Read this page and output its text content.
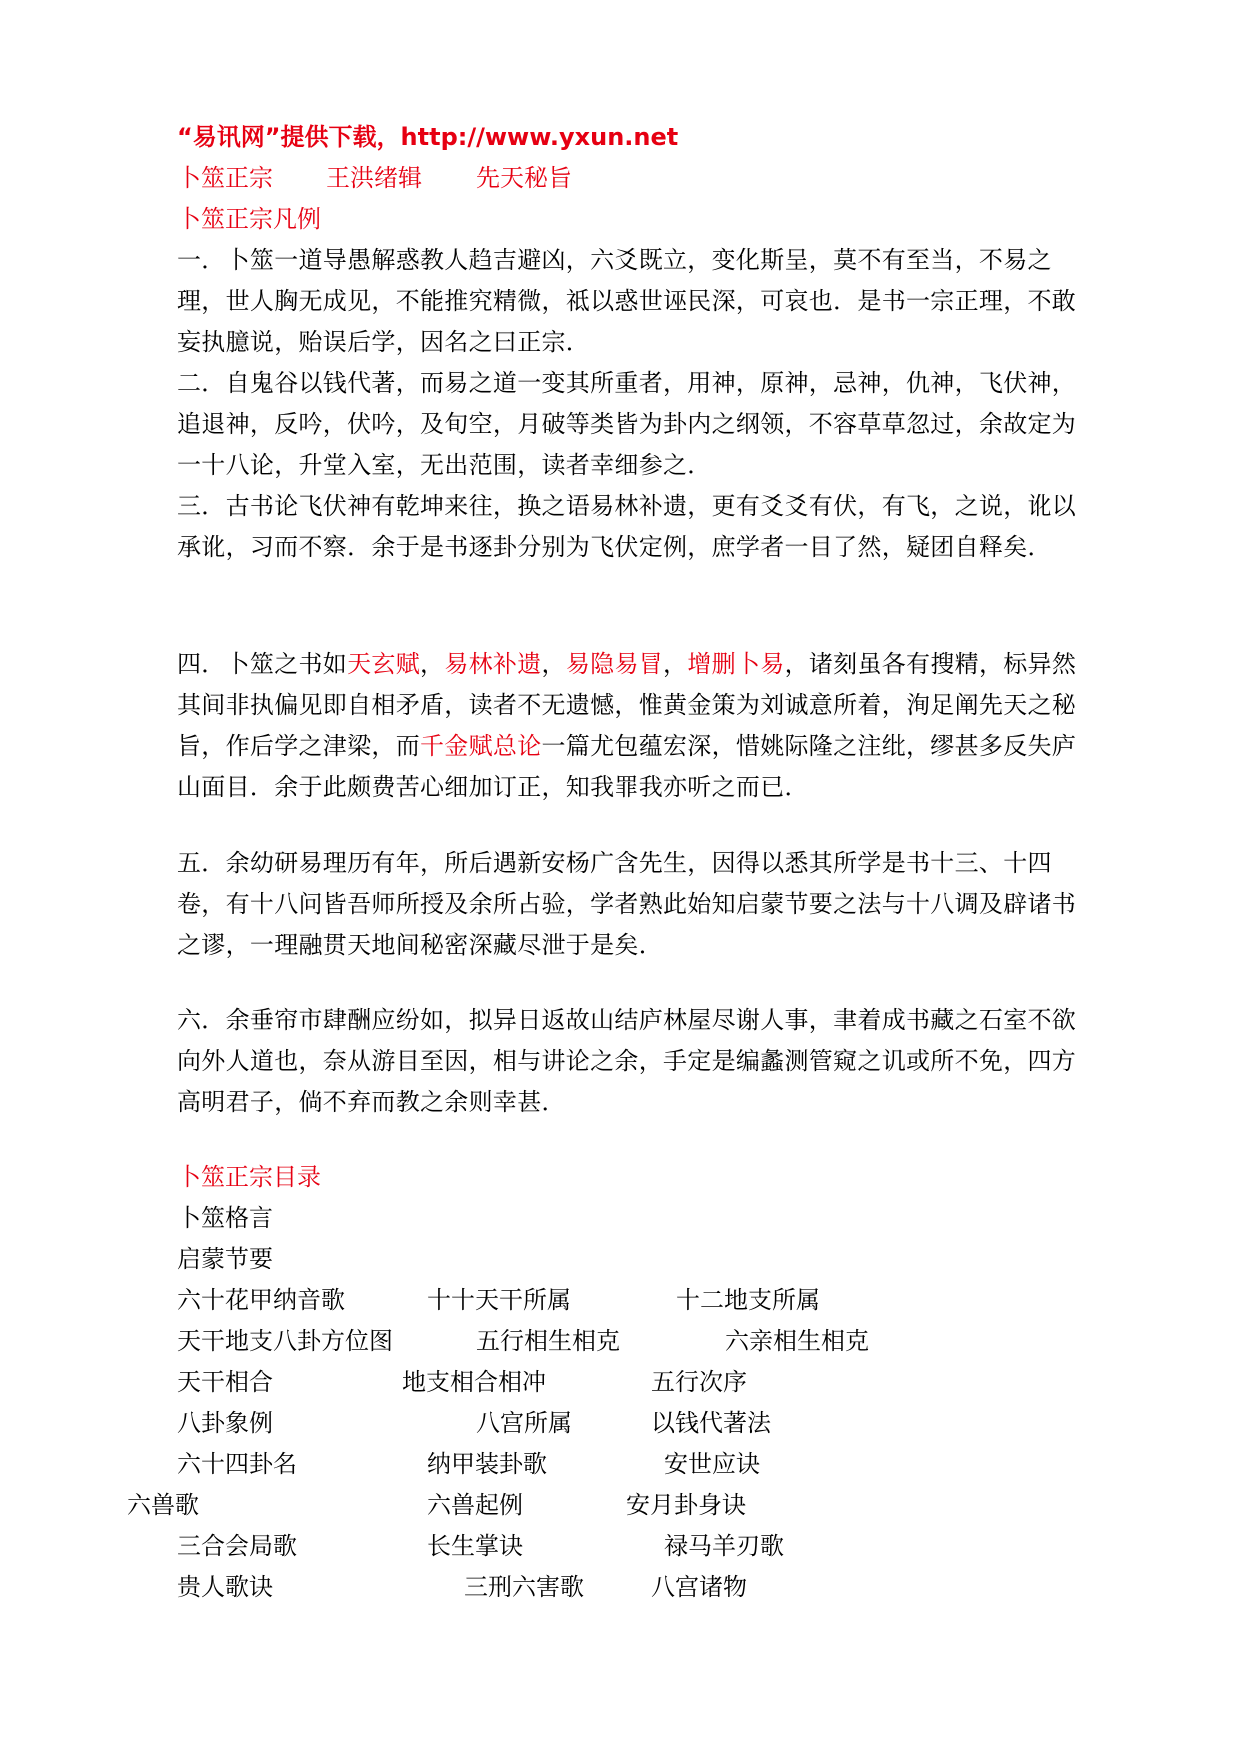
“易讯网”提供下载，http://www.yxun.net
卜筮正宗 王洪绪辑 先天秘旨
卜筮正宗凡例
一．卜筮一道导愚解惑教人趋吉避凶，六爻既立，变化斯呈，莫不有至当，不易之理，世人胸无成见，不能推究精微，祗以惑世诬民深，可哀也．是书一宗正理，不敢妄执臆说，贻误后学，因名之曰正宗．
二．自鬼谷以钱代著，而易之道一变其所重者，用神，原神，忌神，仇神，飞伏神，追退神，反吟，伏吟，及旬空，月破等类皆为卦内之纲领，不容草草忽过，余故定为一十八论，升堂入室，无出范围，读者幸细参之．
三．古书论飞伏神有乾坤来往，换之语易林补遗，更有爻爻有伏，有飞，之说，讹以承讹，习而不察．余于是书逐卦分别为飞伏定例，庶学者一目了然，疑团自释矣．
四．卜筮之书如天玄赋，易林补遗，易隐易冒，增删卜易，诸刻虽各有搜精，标异然其间非执偏见即自相矛盾，读者不无遗憾，惟黄金策为刘诚意所着，洵足阐先天之秘旨，作后学之津梁，而千金赋总论一篇尤包蕴宏深，惜姚际隆之注纰，缪甚多反失庐山面目．余于此颇费苦心细加订正，知我罪我亦听之而已．
五．余幼研易理历有年，所后遇新安杨广含先生，因得以悉其所学是书十三、十四卷，有十八问皆吾师所授及余所占验，学者熟此始知启蒙节要之法与十八调及辟诸书之谬，一理融贯天地间秘密深藏尽泄于是矣．
六．余垂帘市肆酬应纷如，拟异日返故山结庐林屋尽谢人事，聿着成书藏之石室不欲向外人道也，奈从游目至因，相与讲论之余，手定是编蠡测管窥之讥或所不免，四方高明君子，倘不弃而教之余则幸甚．
卜筮正宗目录
卜筮格言
启蒙节要
六十花甲纳音歌	十十天干所属	十二地支所属
天干地支八卦方位图	五行相生相克	六亲相生相克
天干相合	地支相合相冲	五行次序
八卦象例	八宫所属	以钱代著法
六十四卦名	纳甲装卦歌	安世应诀
六兽歌	六兽起例	安月卦身诀
三合会局歌	长生掌诀	禄马羊刃歌
贵人歌诀	三刑六害歌	八宫诸物
